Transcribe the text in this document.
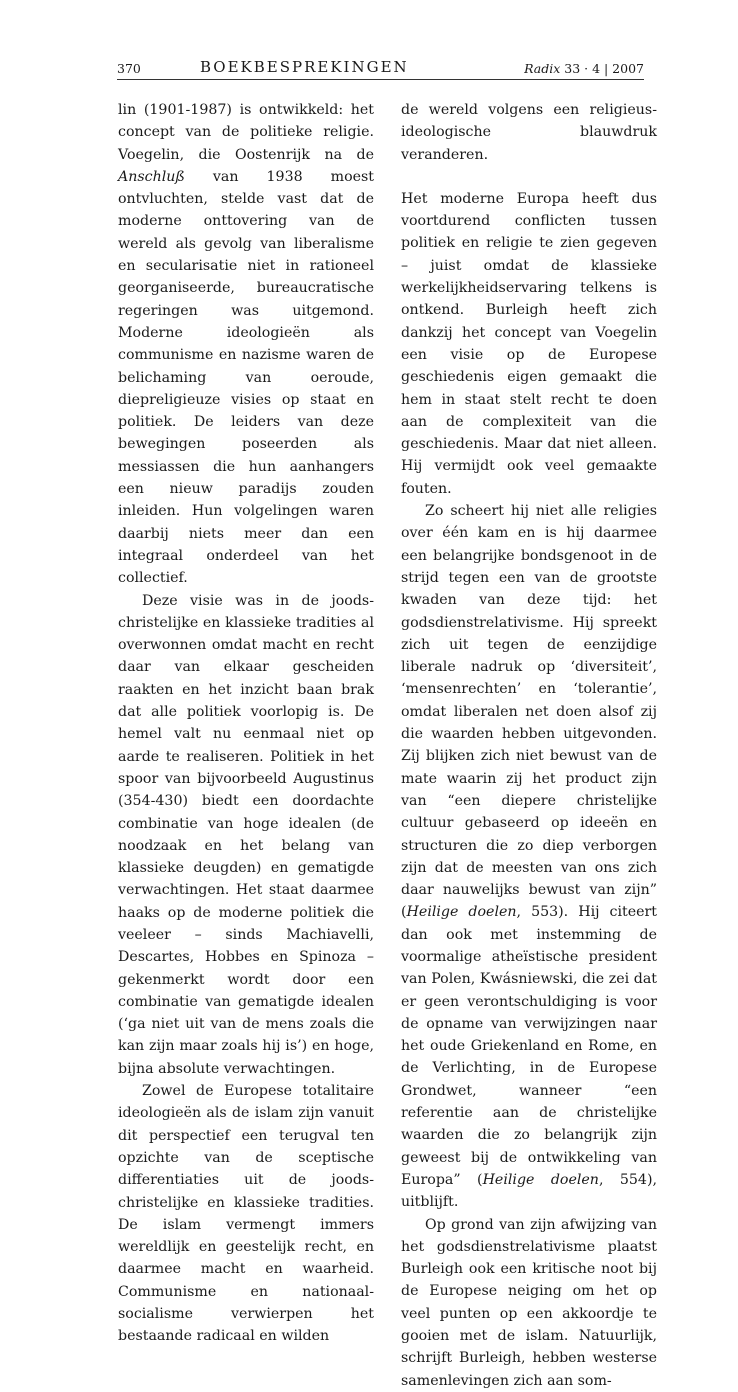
370	BOEKBESPREKINGEN	Radix 33 · 4 | 2007

lin (1901-1987) is ontwikkeld: het concept van de politieke religie. Voegelin, die Oostenrijk na de Anschluß van 1938 moest ontvluchten, stelde vast dat de moderne onttovering van de wereld als gevolg van liberalisme en secularisatie niet in rationeel georganiseerde, bureaucratische regeringen was uitgemond. Moderne ideologieën als communisme en nazisme waren de belichaming van oeroude, diepreligieuze visies op staat en politiek. De leiders van deze bewegingen poseerden als messiassen die hun aanhangers een nieuw paradijs zouden inleiden. Hun volgelingen waren daarbij niets meer dan een integraal onderdeel van het collectief.

Deze visie was in de joods-christelijke en klassieke tradities al overwonnen omdat macht en recht daar van elkaar gescheiden raakten en het inzicht baan brak dat alle politiek voorlopig is. De hemel valt nu eenmaal niet op aarde te realiseren. Politiek in het spoor van bijvoorbeeld Augustinus (354-430) biedt een doordachte combinatie van hoge idealen (de noodzaak en het belang van klassieke deugden) en gematigde verwachtingen. Het staat daarmee haaks op de moderne politiek die veeleer – sinds Machiavelli, Descartes, Hobbes en Spinoza – gekenmerkt wordt door een combinatie van gematigde idealen (‘ga niet uit van de mens zoals die kan zijn maar zoals hij is’) en hoge, bijna absolute verwachtingen.

Zowel de Europese totalitaire ideologieën als de islam zijn vanuit dit perspectief een terugval ten opzichte van de sceptische differentiaties uit de joods-christelijke en klassieke tradities. De islam vermengt immers wereldlijk en geestelijk recht, en daarmee macht en waarheid. Communisme en nationaal-socialisme verwierpen het bestaande radicaal en wilden

de wereld volgens een religieus-ideologische blauwdruk veranderen.

Het moderne Europa heeft dus voortdurend conflicten tussen politiek en religie te zien gegeven – juist omdat de klassieke werkelijkheidservaring telkens is ontkend. Burleigh heeft zich dankzij het concept van Voegelin een visie op de Europese geschiedenis eigen gemaakt die hem in staat stelt recht te doen aan de complexiteit van die geschiedenis. Maar dat niet alleen. Hij vermijdt ook veel gemaakte fouten.

Zo scheert hij niet alle religies over één kam en is hij daarmee een belangrijke bondsgenoot in de strijd tegen een van de grootste kwaden van deze tijd: het godsdienstrelativisme. Hij spreekt zich uit tegen de eenzijdige liberale nadruk op ‘diversiteit’, ‘mensenrechten’ en ‘tolerantie’, omdat liberalen net doen alsof zij die waarden hebben uitgevonden. Zij blijken zich niet bewust van de mate waarin zij het product zijn van “een diepere christelijke cultuur gebaseerd op ideeën en structuren die zo diep verborgen zijn dat de meesten van ons zich daar nauwelijks bewust van zijn” (Heilige doelen, 553). Hij citeert dan ook met instemming de voormalige atheïstische president van Polen, Kwásniewski, die zei dat er geen verontschuldiging is voor de opname van verwijzingen naar het oude Griekenland en Rome, en de Verlichting, in de Europese Grondwet, wanneer “een referentie aan de christelijke waarden die zo belangrijk zijn geweest bij de ontwikkeling van Europa” (Heilige doelen, 554), uitblijft.

Op grond van zijn afwijzing van het godsdienstrelativisme plaatst Burleigh ook een kritische noot bij de Europese neiging om het op veel punten op een akkoordje te gooien met de islam. Natuurlijk, schrijft Burleigh, hebben westerse samenlevingen zich aan som-
